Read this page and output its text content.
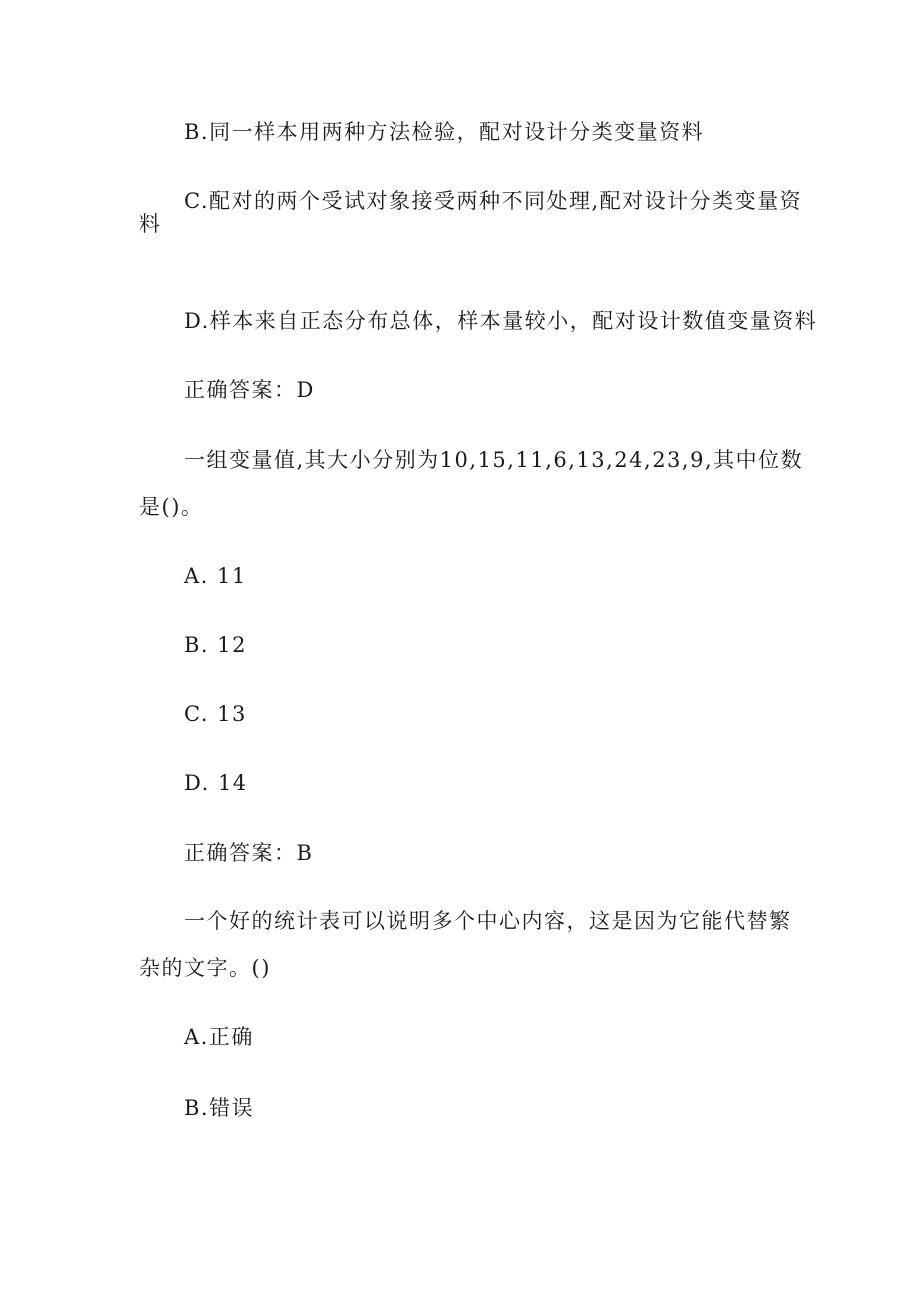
B.同一样本用两种方法检验，配对设计分类变量资料
C.配对的两个受试对象接受两种不同处理,配对设计分类变量资
料
D.样本来自正态分布总体，样本量较小，配对设计数值变量资料
正确答案：D
一组变量值,其大小分别为10,15,11,6,13,24,23,9,其中位数
是()。
A. 11
B. 12
C. 13
D. 14
正确答案：B
一个好的统计表可以说明多个中心内容，这是因为它能代替繁
杂的文字。()
A.正确
B.错误
